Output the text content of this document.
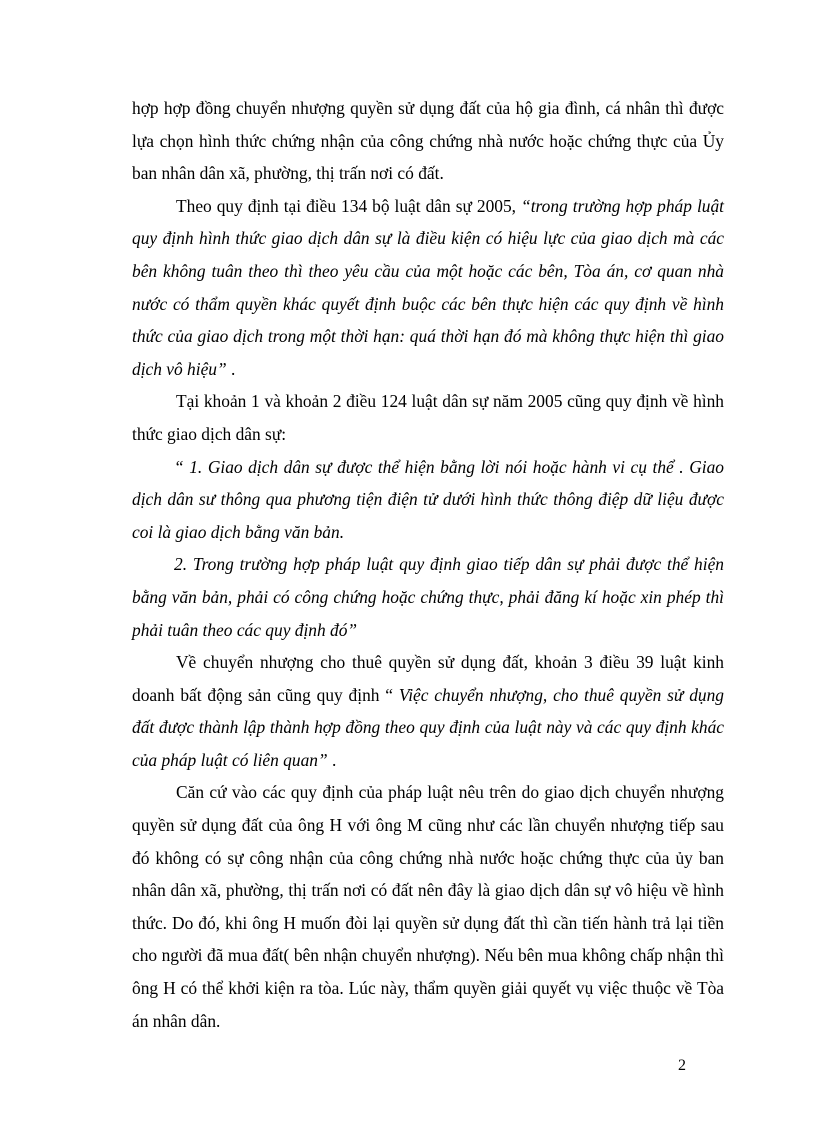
hợp hợp đồng chuyển nhượng quyền sử dụng đất của hộ gia đình, cá nhân thì được lựa chọn hình thức chứng nhận của công chứng nhà nước hoặc chứng thực của Ủy ban nhân dân xã, phường, thị trấn nơi có đất.

Theo quy định tại điều 134 bộ luật dân sự 2005, “trong trường hợp pháp luật quy định hình thức giao dịch dân sự là điều kiện có hiệu lực của giao dịch mà các bên không tuân theo thì theo yêu cầu của một hoặc các bên, Tòa án, cơ quan nhà nước có thẩm quyền khác quyết định buộc các bên thực hiện các quy định về hình thức của giao dịch trong một thời hạn: quá thời hạn đó mà không thực hiện thì giao dịch vô hiệu” .

Tại khoản 1 và khoản 2 điều 124 luật dân sự năm 2005 cũng quy định về hình thức giao dịch dân sự:

“ 1. Giao dịch dân sự được thể hiện bằng lời nói hoặc hành vi cụ thể . Giao dịch dân sư thông qua phương tiện điện tử dưới hình thức thông điệp dữ liệu được coi là giao dịch bằng văn bản.

2. Trong trường hợp pháp luật quy định giao tiếp dân sự phải được thể hiện bằng văn bản, phải có công chứng hoặc chứng thực, phải đăng kí hoặc xin phép thì phải tuân theo các quy định đó”

Về chuyển nhượng cho thuê quyền sử dụng đất, khoản 3 điều 39 luật kinh doanh bất động sản cũng quy định “ Việc chuyển nhượng, cho thuê quyền sử dụng đất được thành lập thành hợp đồng theo quy định của luật này và các quy định khác của pháp luật có liên quan” .

Căn cứ vào các quy định của pháp luật nêu trên do giao dịch chuyển nhượng quyền sử dụng đất của ông H với ông M cũng như các lần chuyển nhượng tiếp sau đó không có sự công nhận của công chứng nhà nước hoặc chứng thực của ủy ban nhân dân xã, phường, thị trấn nơi có đất nên đây là giao dịch dân sự vô hiệu về hình thức. Do đó, khi ông H muốn đòi lại quyền sử dụng đất thì cần tiến hành trả lại tiền cho người đã mua đất( bên nhận chuyển nhượng). Nếu bên mua không chấp nhận thì ông H có thể khởi kiện ra tòa. Lúc này, thẩm quyền giải quyết vụ việc thuộc về Tòa án nhân dân.

2
